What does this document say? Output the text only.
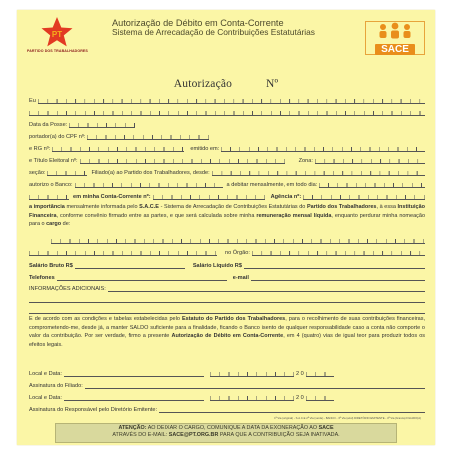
PT
PARTIDO DOS TRABALHADORES
Autorização de Débito em Conta-Corrente
Sistema de Arrecadação de Contribuições Estatutárias
SACE
Autorização	Nº
Eu
Data da Posse:
portador(a) do CPF nº:
e RG nº:	emitido em:
e Título Eleitoral nº:	Zona:
seção:	Filiado(a) ao Partido dos Trabalhadores, desde:
autorizo o Banco:	a debitar mensalmente, em todo dia:
em minha Conta-Corrente nº:	Agência nº:
a importância mensalmente informada pelo S.A.C.E - Sistema de Arrecadação de Contribuições Estatutárias do Partido dos Trabalhadores, à essa Instituição Financeira, conforme convênio firmado entre as partes, e que será calculada sobre minha remuneração mensal líquida, enquanto perdurar minha nomeação para o cargo de:
no Órgão:
Salário Bruto R$	Salário Líquido R$
Telefones	e-mail
INFORMAÇÕES ADICIONAIS:
E de acordo com as condições e tabelas estabelecidas pelo Estatuto do Partido dos Trabalhadores, para o recolhimento de suas contribuições financeiras, comprometendo-me, desde já, a manter SALDO suficiente para a finalidade, ficando o Banco isento de qualquer responsabilidade caso a conta não comporte o valor da contribuição. Por ser verdade, firmo a presente Autorização de Débito em Conta-Corrente, em 4 (quatro) vias de igual teor para produzir todos os efeitos legais.
Local e Data:	2 0
Assinatura do Filiado:
Local e Data:	2 0
Assinatura do Responsável pelo Diretório Emitente:
1ª Via (original) - S.A.C.E 2ª Via (verde) - BANCO - 3ª Via (azul) DIRETÓRIO EMITENTE - 4ª Via (branca) FILIADO(A)
ATENÇÃO: AO DEIXAR O CARGO, COMUNIQUE A DATA DA EXONERAÇÃO AO SACE
ATRAVÉS DO E-MAIL: SACE@PT.ORG.BR PARA QUE A CONTRIBUIÇÃO SEJA INATIVADA.
